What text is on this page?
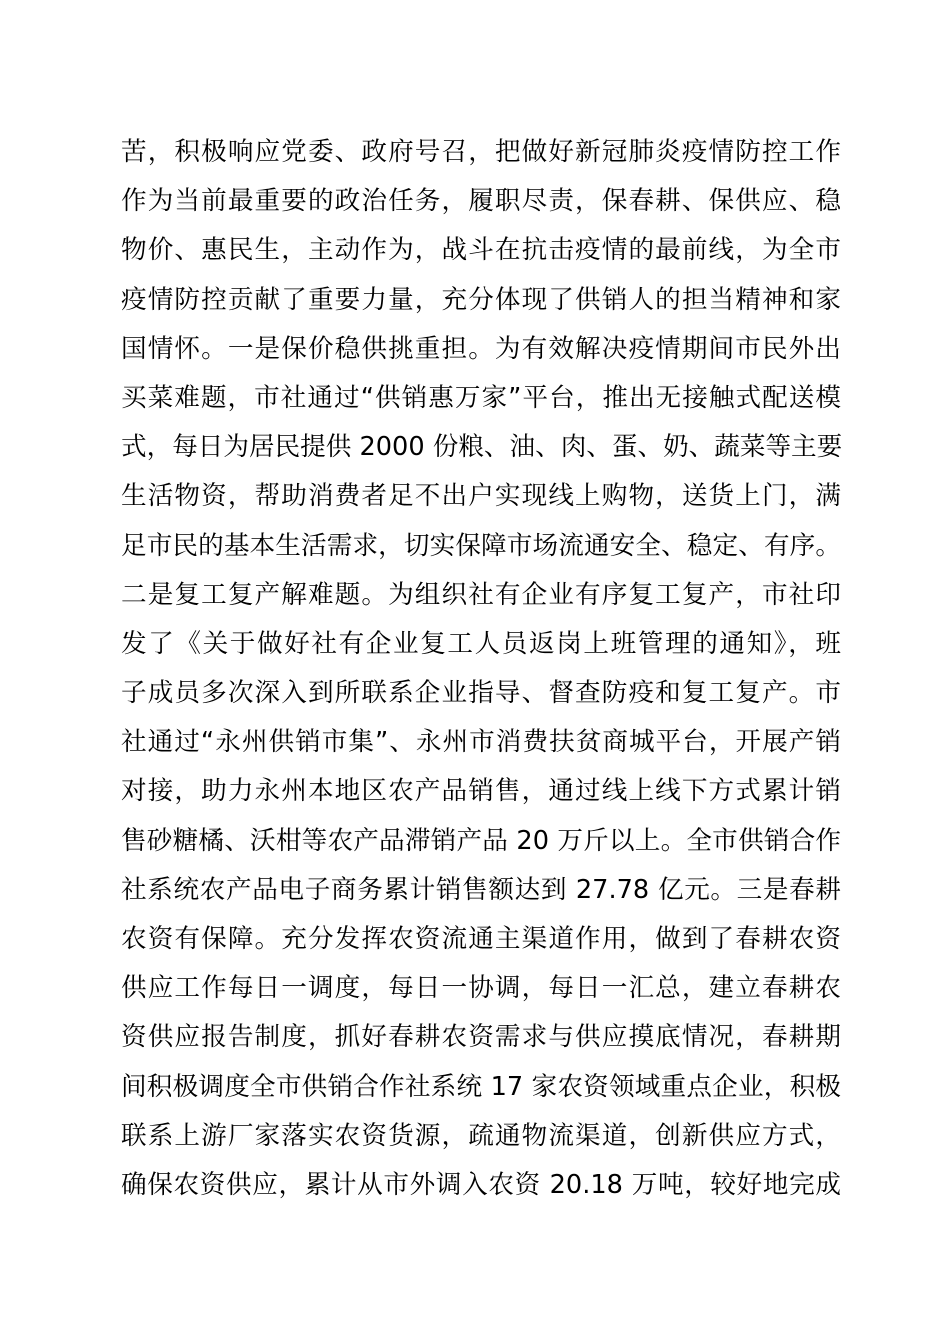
苦，积极响应党委、政府号召，把做好新冠肺炎疫情防控工作
作为当前最重要的政治任务，履职尽责，保春耕、保供应、稳
物价、惠民生，主动作为，战斗在抗击疫情的最前线，为全市
疫情防控贡献了重要力量，充分体现了供销人的担当精神和家
国情怀。一是保价稳供挑重担。为有效解决疫情期间市民外出
买菜难题，市社通过“供销惠万家”平台，推出无接触式配送模
式，每日为居民提供 2000 份粮、油、肉、蛋、奶、蔬菜等主要
生活物资，帮助消费者足不出户实现线上购物，送货上门，满
足市民的基本生活需求，切实保障市场流通安全、稳定、有序。
二是复工复产解难题。为组织社有企业有序复工复产，市社印
发了《关于做好社有企业复工人员返岗上班管理的通知》，班
子成员多次深入到所联系企业指导、督查防疫和复工复产。市
社通过“永州供销市集”、永州市消费扶贫商城平台，开展产销
对接，助力永州本地区农产品销售，通过线上线下方式累计销
售砂糖橘、沃柑等农产品滞销产品 20 万斤以上。全市供销合作
社系统农产品电子商务累计销售额达到 27.78 亿元。三是春耕
农资有保障。充分发挥农资流通主渠道作用，做到了春耕农资
供应工作每日一调度，每日一协调，每日一汇总，建立春耕农
资供应报告制度，抓好春耕农资需求与供应摸底情况，春耕期
间积极调度全市供销合作社系统 17 家农资领域重点企业，积极
联系上游厂家落实农资货源，疏通物流渠道，创新供应方式，
确保农资供应，累计从市外调入农资 20.18 万吨，较好地完成
